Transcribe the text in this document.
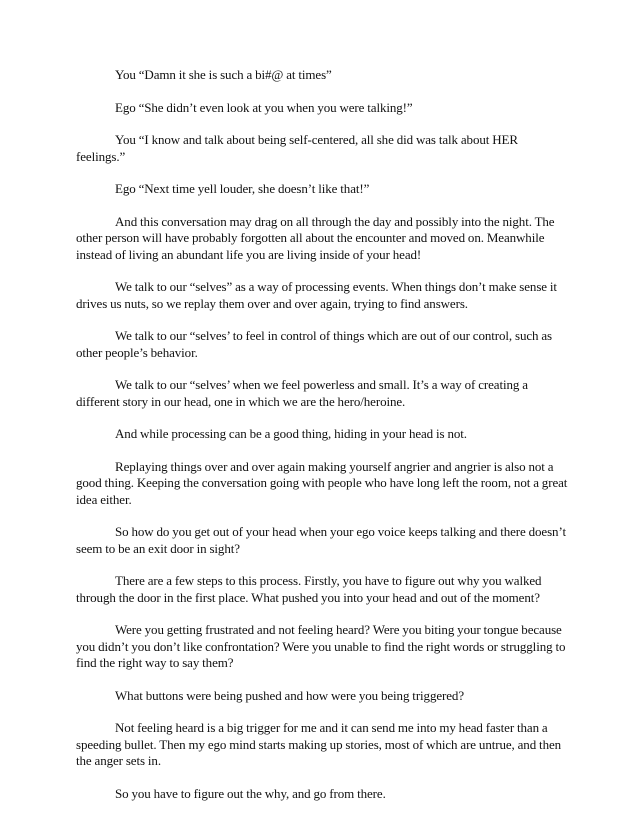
You “Damn it she is such a bi#@ at times”

Ego “She didn’t even look at you when you were talking!”

You “I know and talk about being self-centered, all she did was talk about HER feelings.”

Ego “Next time yell louder, she doesn’t like that!”

And this conversation may drag on all through the day and possibly into the night. The other person will have probably forgotten all about the encounter and moved on. Meanwhile instead of living an abundant life you are living inside of your head!

We talk to our “selves” as a way of processing events. When things don’t make sense it drives us nuts, so we replay them over and over again, trying to find answers.

We talk to our “selves’ to feel in control of things which are out of our control, such as other people’s behavior.

We talk to our “selves’ when we feel powerless and small. It’s a way of creating a different story in our head, one in which we are the hero/heroine.

And while processing can be a good thing, hiding in your head is not.

Replaying things over and over again making yourself angrier and angrier is also not a good thing. Keeping the conversation going with people who have long left the room, not a great idea either.

So how do you get out of your head when your ego voice keeps talking and there doesn’t seem to be an exit door in sight?

There are a few steps to this process. Firstly, you have to figure out why you walked through the door in the first place. What pushed you into your head and out of the moment?

Were you getting frustrated and not feeling heard? Were you biting your tongue because you didn’t you don’t like confrontation? Were you unable to find the right words or struggling to find the right way to say them?

What buttons were being pushed and how were you being triggered?

Not feeling heard is a big trigger for me and it can send me into my head faster than a speeding bullet. Then my ego mind starts making up stories, most of which are untrue, and then the anger sets in.

So you have to figure out the why, and go from there.
